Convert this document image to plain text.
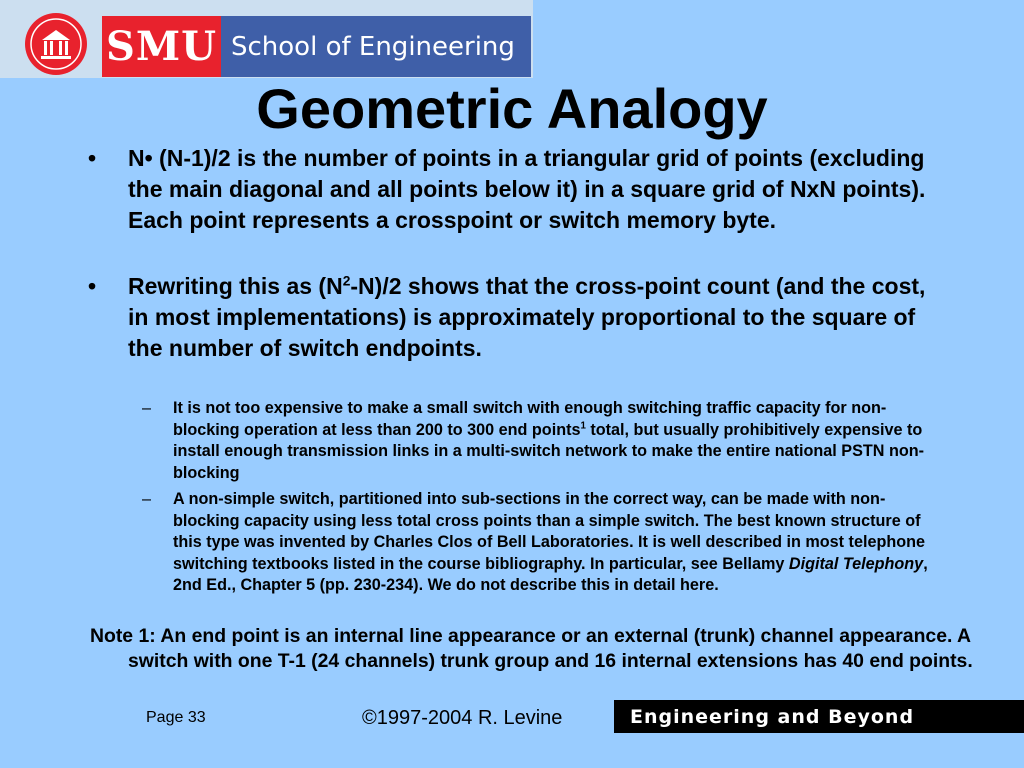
SMU School of Engineering
Geometric Analogy
• N• (N-1)/2 is the number of points in a triangular grid of points (excluding the main diagonal and all points below it) in a square grid of NxN points). Each point represents a crosspoint or switch memory byte.
• Rewriting this as $(N^2-N)/2$ shows that the cross-point count (and the cost, in most implementations) is approximately proportional to the square of the number of switch endpoints.
– It is not too expensive to make a small switch with enough switching traffic capacity for non-blocking operation at less than 200 to 300 end points$^1$ total, but usually prohibitively expensive to install enough transmission links in a multi-switch network to make the entire national PSTN non-blocking
– A non-simple switch, partitioned into sub-sections in the correct way, can be made with non-blocking capacity using less total cross points than a simple switch. The best known structure of this type was invented by Charles Clos of Bell Laboratories. It is well described in most telephone switching textbooks listed in the course bibliography. In particular, see Bellamy Digital Telephony, 2nd Ed., Chapter 5 (pp. 230-234). We do not describe this in detail here.
Note 1: An end point is an internal line appearance or an external (trunk) channel appearance. A switch with one T-1 (24 channels) trunk group and 16 internal extensions has 40 end points.
Page 33	©1997-2004 R. Levine	Engineering and Beyond
